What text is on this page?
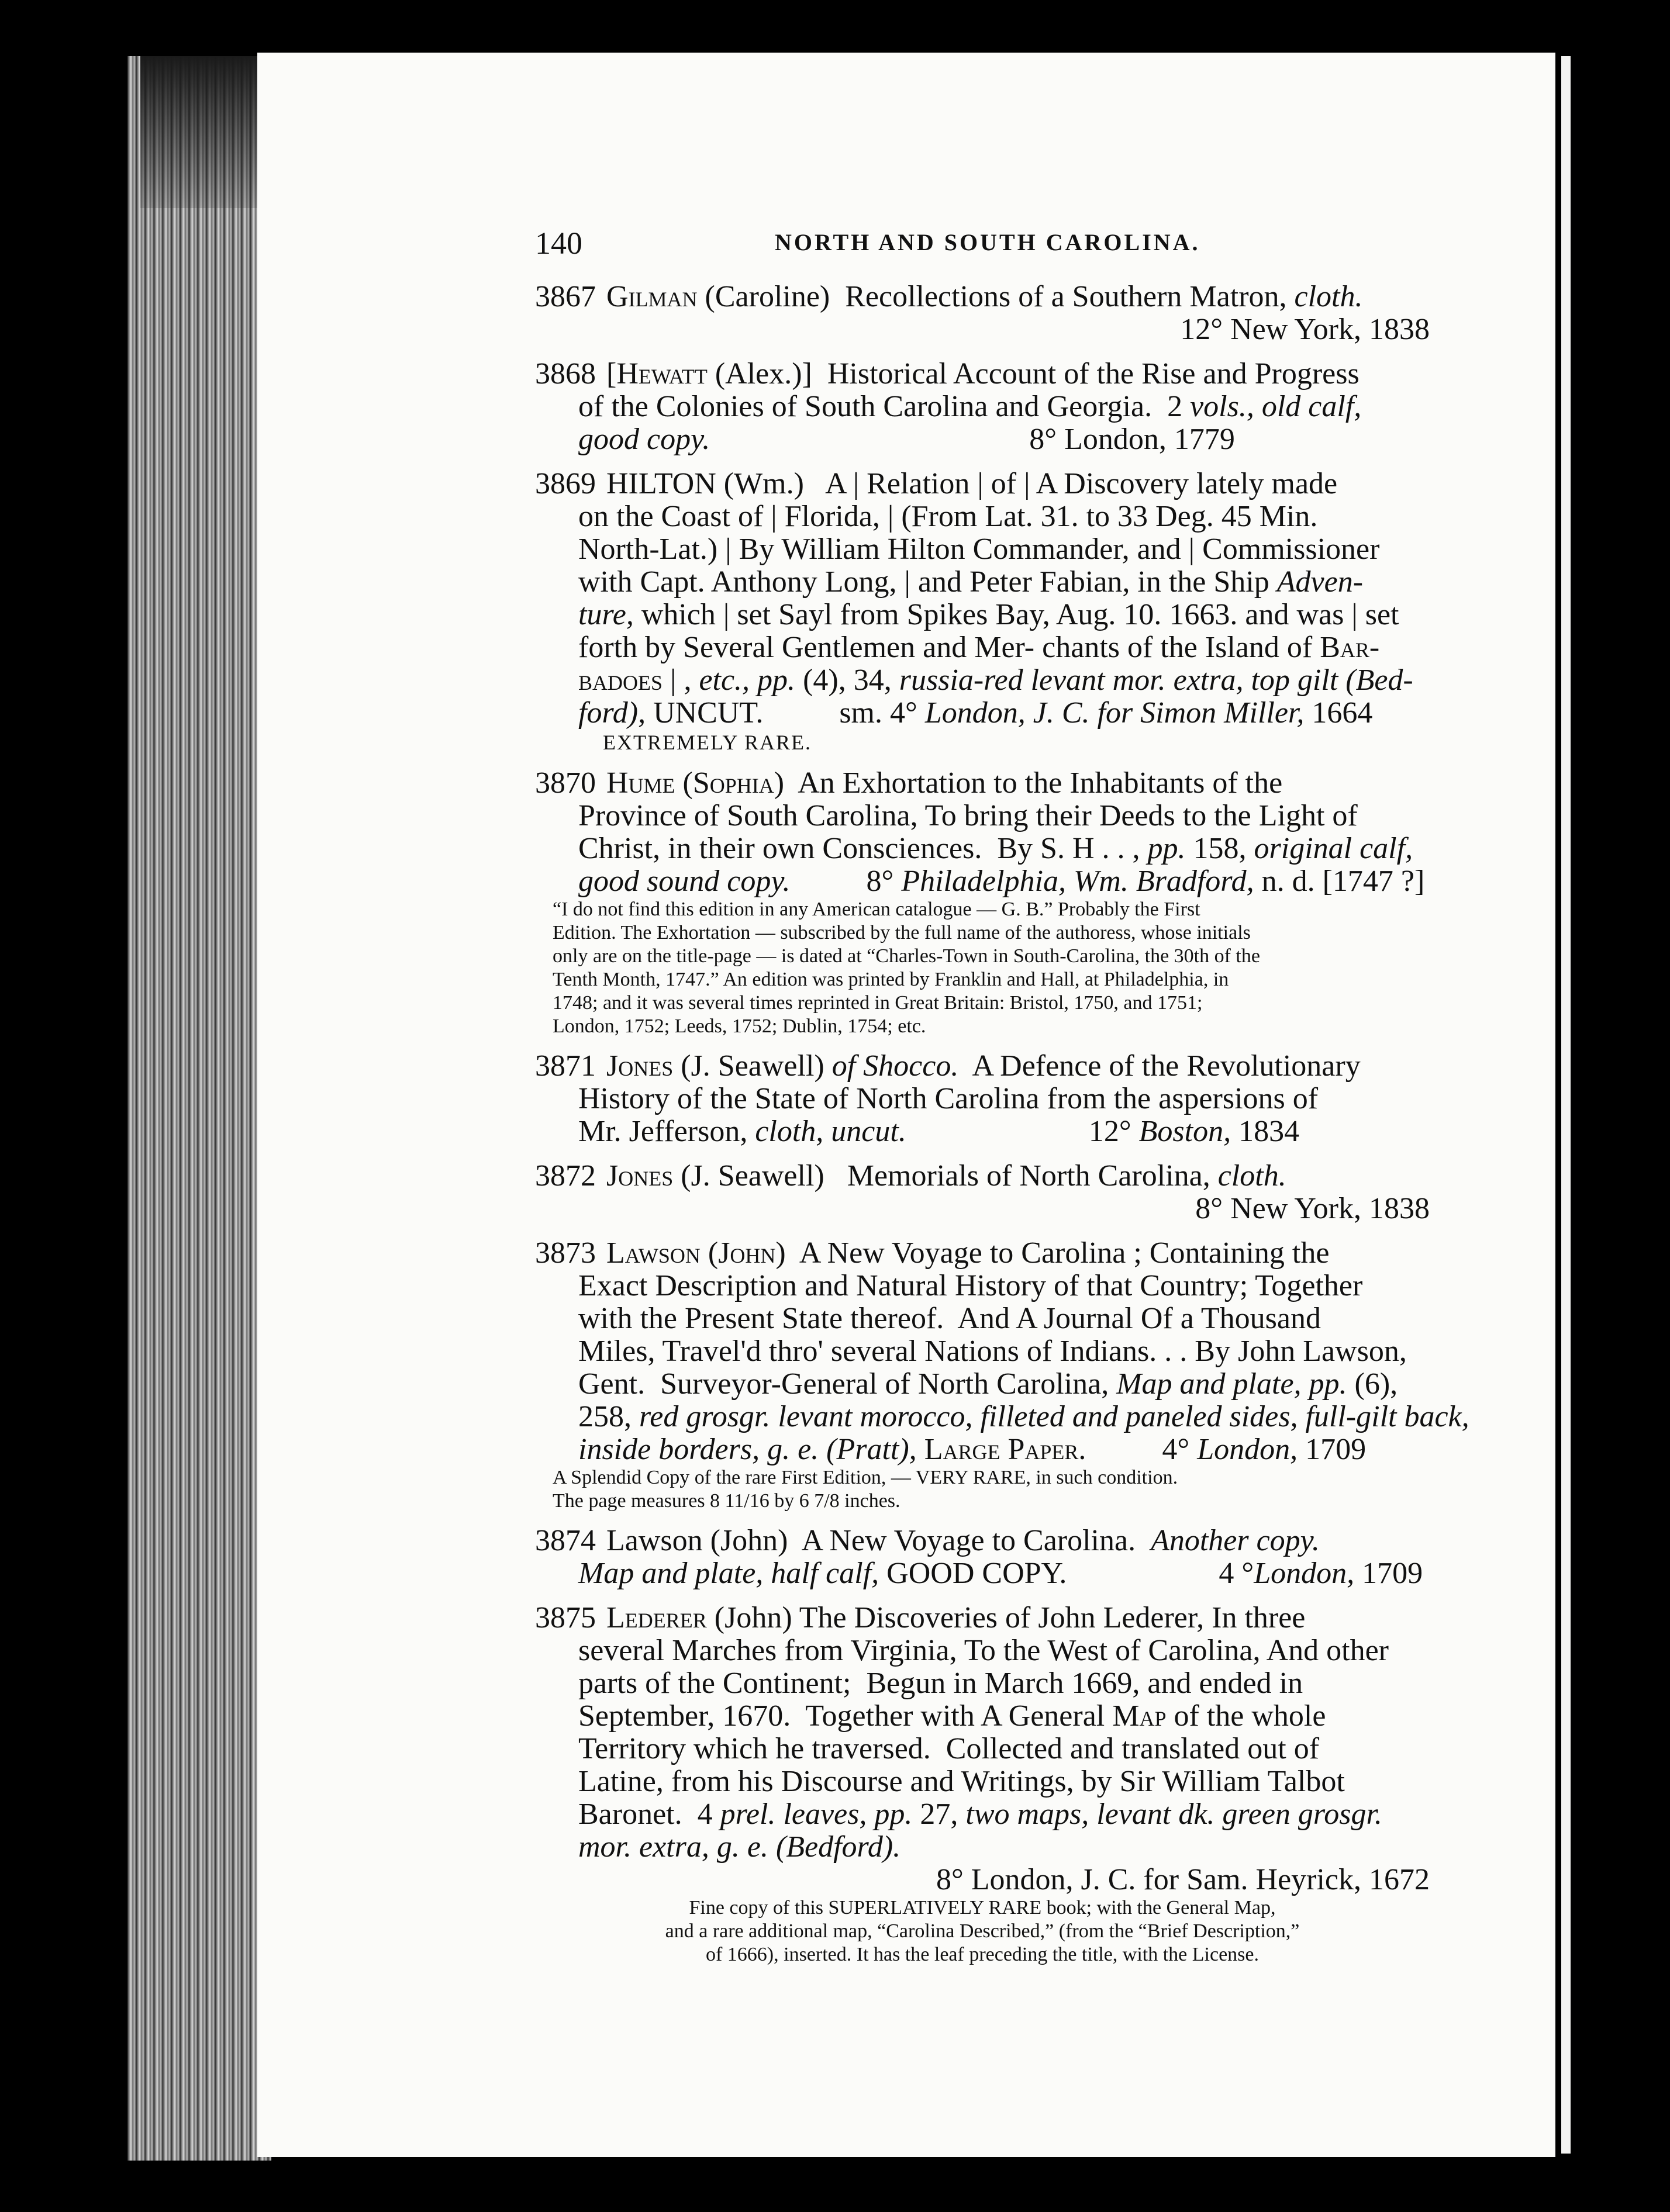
140	NORTH AND SOUTH CAROLINA.
3867 Gilman (Caroline)  Recollections of a Southern Matron, cloth.
12° New York, 1838
3868 [Hewatt (Alex.)]  Historical Account of the Rise and Progress
of the Colonies of South Carolina and Georgia.  2 vols., old calf,
good copy.                                          8° London, 1779
3869 HILTON (Wm.)   A | Relation | of | A Discovery lately made
on the Coast of | Florida, | (From Lat. 31. to 33 Deg. 45 Min.
North-Lat.) | By William Hilton Commander, and | Commissioner
with Capt. Anthony Long, | and Peter Fabian, in the Ship Adven-
ture, which | set Sayl from Spikes Bay, Aug. 10. 1663. and was | set
forth by Several Gentlemen and Mer- chants of the Island of Bar-
badoes | , etc., pp. (4), 34, russia-red levant mor. extra, top gilt (Bed-
ford), UNCUT.          sm. 4° London, J. C. for Simon Miller, 1664
EXTREMELY RARE.
3870 Hume (Sophia)  An Exhortation to the Inhabitants of the
Province of South Carolina, To bring their Deeds to the Light of
Christ, in their own Consciences.  By S. H . . , pp. 158, original calf,
good sound copy.          8° Philadelphia, Wm. Bradford, n. d. [1747 ?]
“I do not find this edition in any American catalogue — G. B.” Probably the First
Edition. The Exhortation — subscribed by the full name of the authoress, whose initials
only are on the title-page — is dated at “Charles-Town in South-Carolina, the 30th of the
Tenth Month, 1747.” An edition was printed by Franklin and Hall, at Philadelphia, in
1748; and it was several times reprinted in Great Britain: Bristol, 1750, and 1751;
London, 1752; Leeds, 1752; Dublin, 1754; etc.
3871 Jones (J. Seawell) of Shocco.  A Defence of the Revolutionary
History of the State of North Carolina from the aspersions of
Mr. Jefferson, cloth, uncut.                        12° Boston, 1834
3872 Jones (J. Seawell)   Memorials of North Carolina, cloth.
8° New York, 1838
3873 Lawson (John)  A New Voyage to Carolina ; Containing the
Exact Description and Natural History of that Country; Together
with the Present State thereof.  And A Journal Of a Thousand
Miles, Travel'd thro' several Nations of Indians. . . By John Lawson,
Gent.  Surveyor-General of North Carolina, Map and plate, pp. (6),
258, red grosgr. levant morocco, filleted and paneled sides, full-gilt back,
inside borders, g. e. (Pratt), Large Paper.          4° London, 1709
A Splendid Copy of the rare First Edition, — VERY RARE, in such condition.
The page measures 8 11/16 by 6 7/8 inches.
3874 Lawson (John)  A New Voyage to Carolina.  Another copy.
Map and plate, half calf, GOOD COPY.                    4 °London, 1709
3875 Lederer (John) The Discoveries of John Lederer, In three
several Marches from Virginia, To the West of Carolina, And other
parts of the Continent;  Begun in March 1669, and ended in
September, 1670.  Together with A General Map of the whole
Territory which he traversed.  Collected and translated out of
Latine, from his Discourse and Writings, by Sir William Talbot
Baronet.  4 prel. leaves, pp. 27, two maps, levant dk. green grosgr.
mor. extra, g. e. (Bedford).
8° London, J. C. for Sam. Heyrick, 1672
Fine copy of this SUPERLATIVELY RARE book; with the General Map,
and a rare additional map, “Carolina Described,” (from the “Brief Description,”
of 1666), inserted. It has the leaf preceding the title, with the License.
